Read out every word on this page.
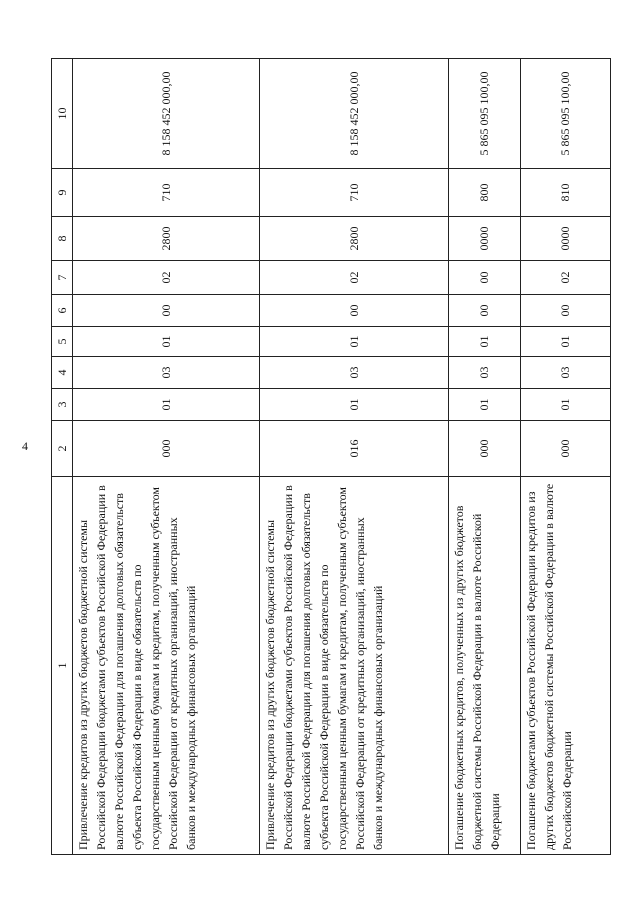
4
1	2	3	4	5	6	7	8	9	10
Привлечение кредитов из других бюджетов бюджетной системы Российской Федерации бюджетами субъектов Российской Федерации в валюте Российской Федерации для погашения долговых обязательств субъекта Российской Федерации в виде обязательств по государственным ценным бумагам и кредитам, полученным субъектом Российской Федерации от кредитных организаций, иностранных банков и международных финансовых организаций	000	01	03	01	00	02	2800	710	8 158 452 000,00
Привлечение кредитов из других бюджетов бюджетной системы Российской Федерации бюджетами субъектов Российской Федерации в валюте Российской Федерации для погашения долговых обязательств субъекта Российской Федерации в виде обязательств по государственным ценным бумагам и кредитам, полученным субъектом Российской Федерации от кредитных организаций, иностранных банков и международных финансовых организаций	016	01	03	01	00	02	2800	710	8 158 452 000,00
Погашение бюджетных кредитов, полученных из других бюджетов бюджетной системы Российской Федерации в валюте Российской Федерации	000	01	03	01	00	00	0000	800	5 865 095 100,00
Погашение бюджетами субъектов Российской Федерации кредитов из других бюджетов бюджетной системы Российской Федерации в валюте Российской Федерации	000	01	03	01	00	02	0000	810	5 865 095 100,00
